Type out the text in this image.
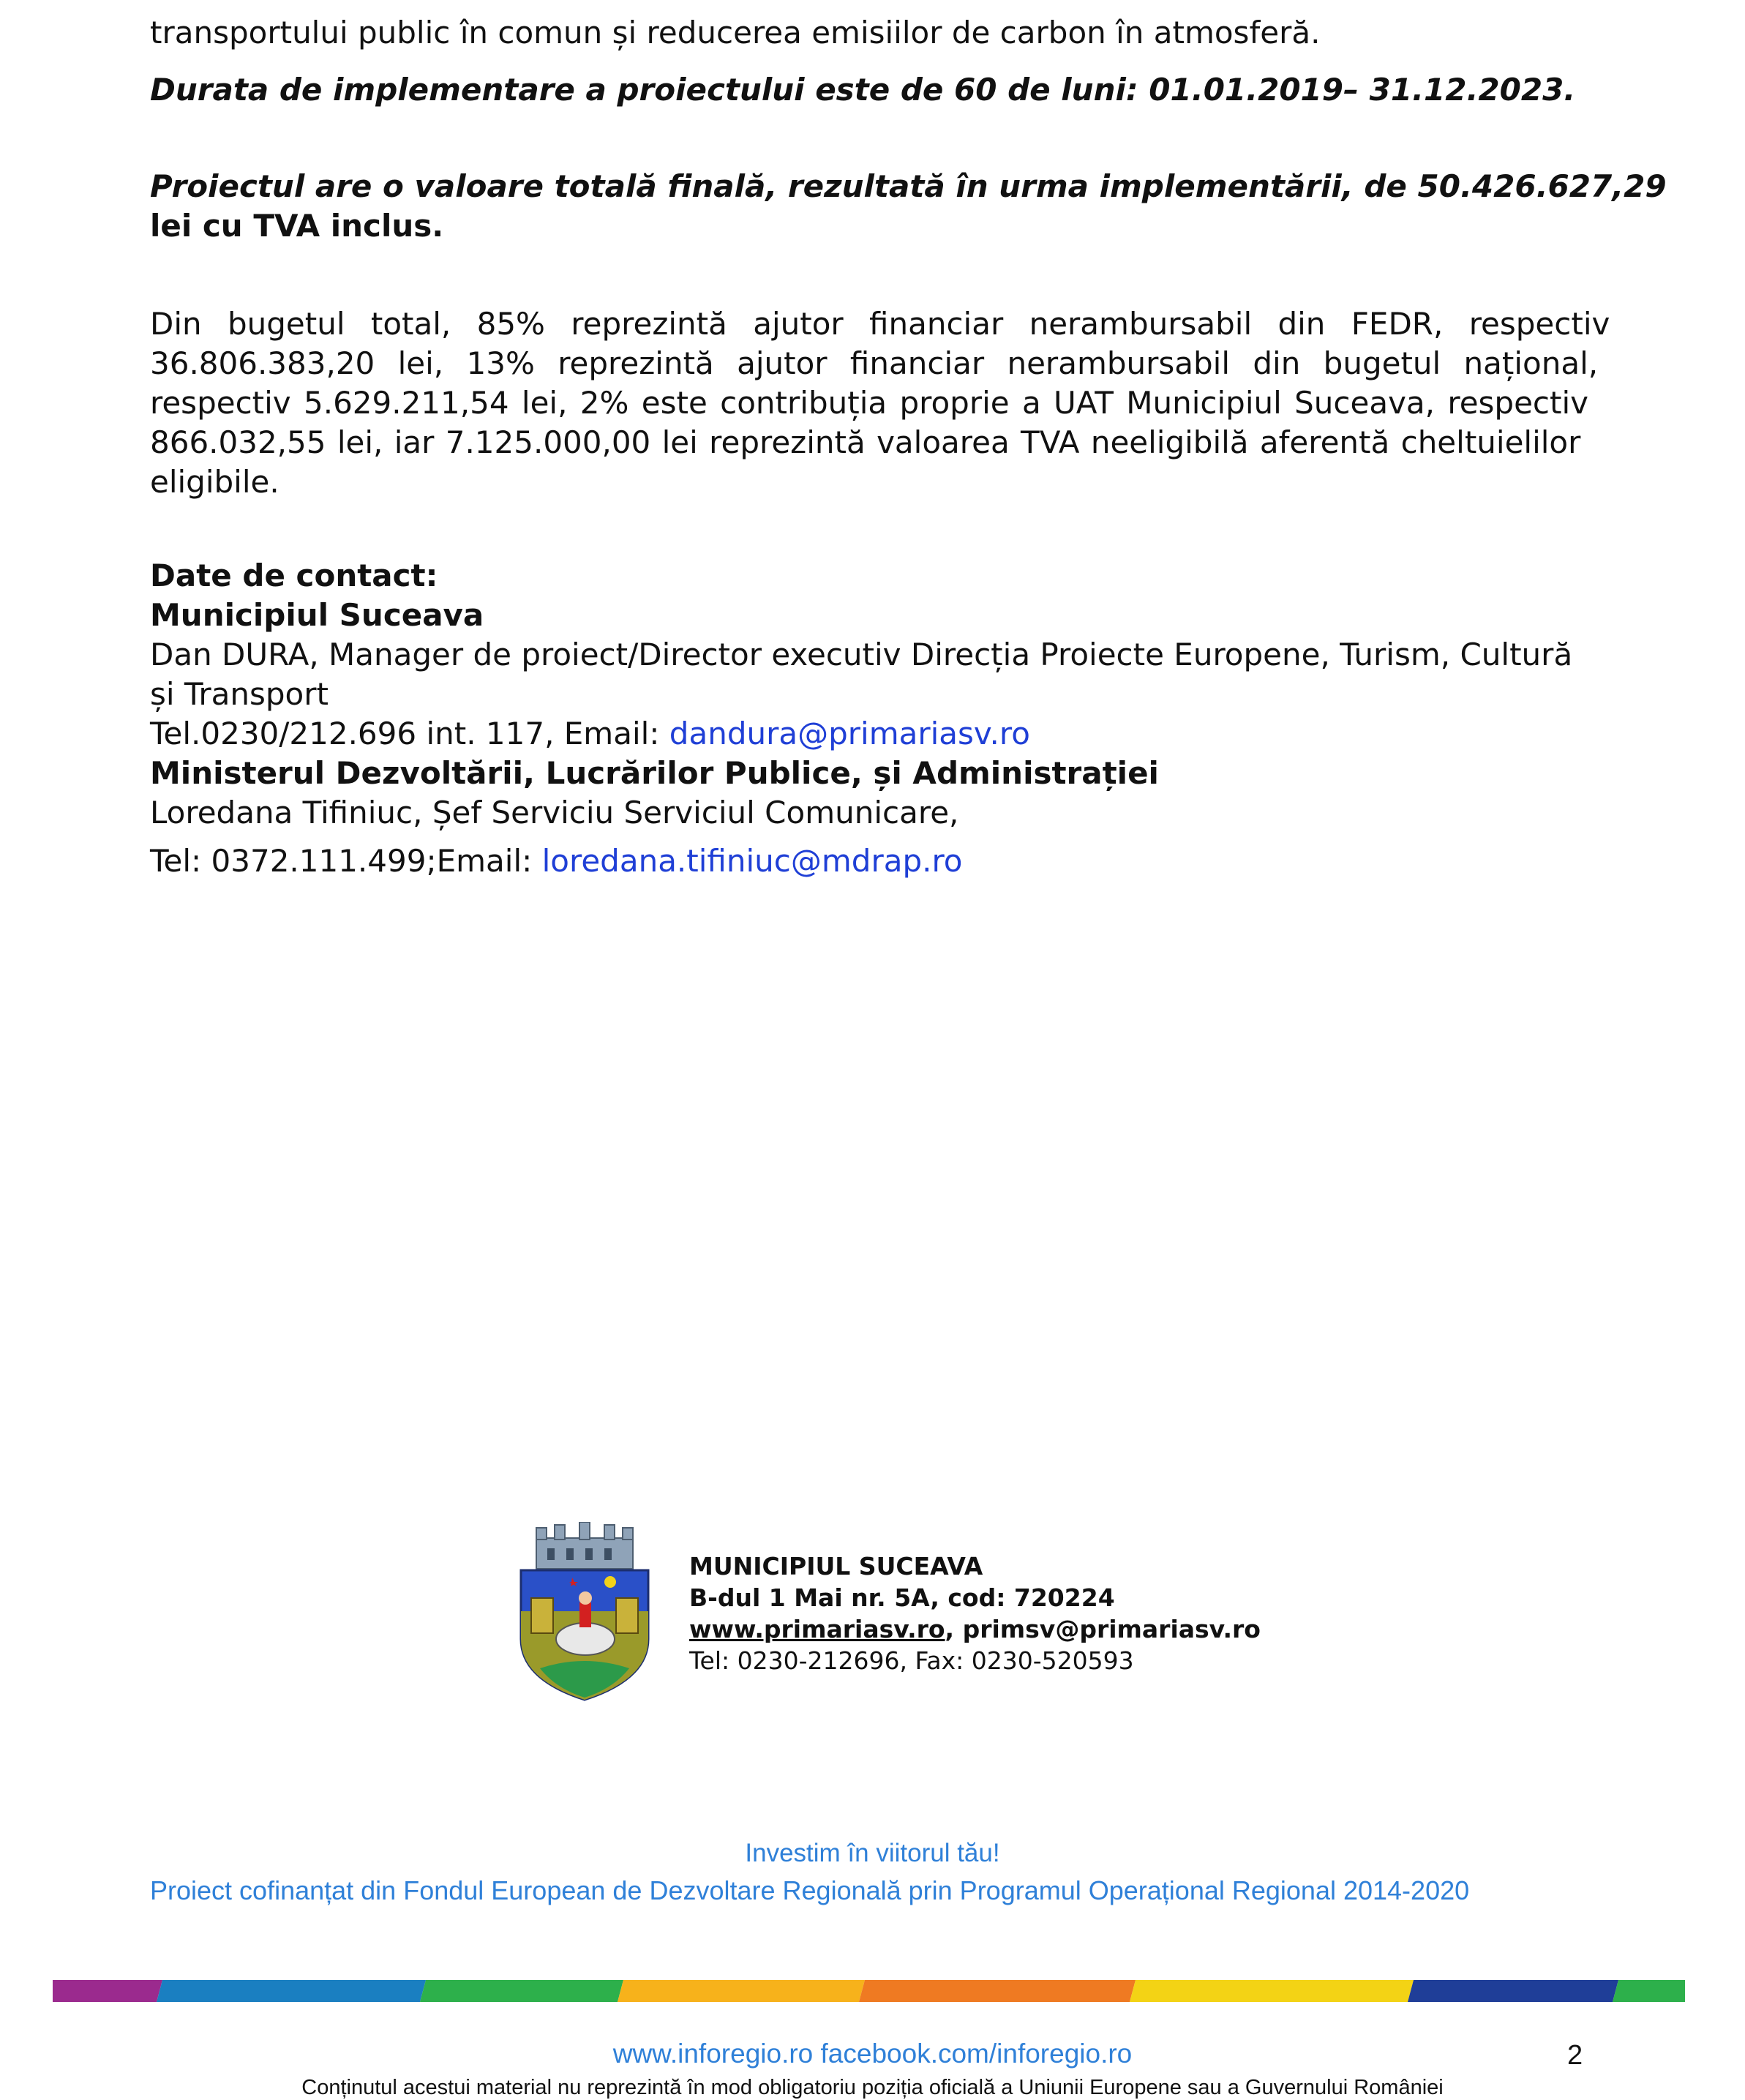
transportului public în comun și reducerea emisiilor de carbon în atmosferă.
Durata de implementare a proiectului este de 60 de luni: 01.01.2019– 31.12.2023.
Proiectul are o valoare totală finală, rezultată în urma implementării, de 50.426.627,29
lei cu TVA inclus.
Din bugetul total, 85% reprezintă ajutor financiar nerambursabil din FEDR, respectiv
36.806.383,20 lei, 13% reprezintă ajutor financiar nerambursabil din bugetul național,
respectiv 5.629.211,54 lei, 2% este contribuția proprie a UAT Municipiul Suceava, respectiv
866.032,55 lei, iar 7.125.000,00 lei reprezintă valoarea TVA neeligibilă aferentă cheltuielilor
eligibile.
Date de contact:
Municipiul Suceava
Dan DURA, Manager de proiect/Director executiv Direcția Proiecte Europene, Turism, Cultură
și Transport
Tel.0230/212.696 int. 117, Email: dandura@primariasv.ro
Ministerul Dezvoltării, Lucrărilor Publice, și Administrației
Loredana Tifiniuc, Șef Serviciu Serviciul Comunicare,
Tel: 0372.111.499;Email: loredana.tifiniuc@mdrap.ro
MUNICIPIUL SUCEAVA
B-dul 1 Mai nr. 5A, cod: 720224
www.primariasv.ro, primsv@primariasv.ro
Tel: 0230-212696, Fax: 0230-520593
Investim în viitorul tău!
Proiect cofinanțat din Fondul European de Dezvoltare Regională prin Programul Operațional Regional 2014-2020
www.inforegio.ro facebook.com/inforegio.ro	2
Conținutul acestui material nu reprezintă în mod obligatoriu poziția oficială a Uniunii Europene sau a Guvernului României
